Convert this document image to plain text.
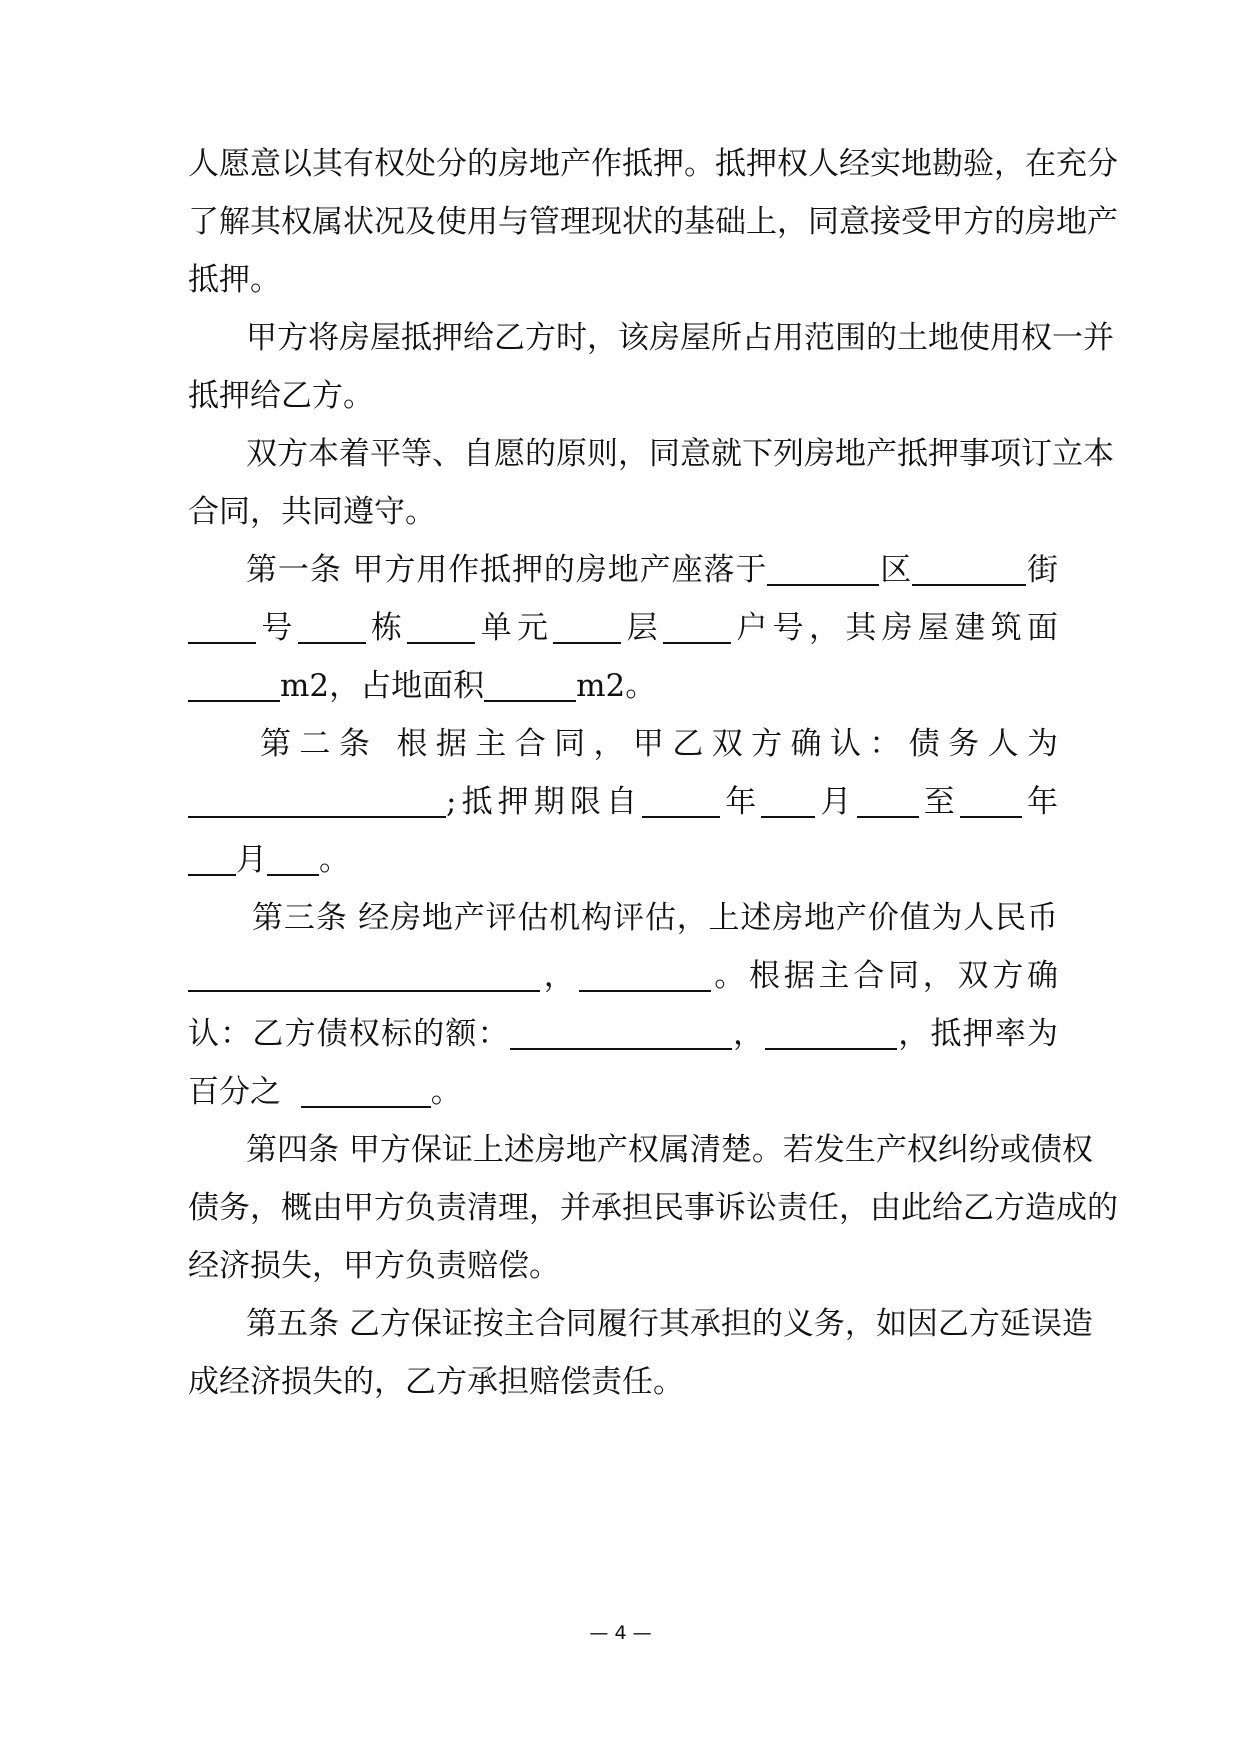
人愿意以其有权处分的房地产作抵押。抵押权人经实地勘验，在充分
了解其权属状况及使用与管理现状的基础上，同意接受甲方的房地产
抵押。
甲方将房屋抵押给乙方时，该房屋所占用范围的土地使用权一并
抵押给乙方。
双方本着平等、自愿的原则，同意就下列房地产抵押事项订立本
合同，共同遵守。
第一条 甲方用作抵押的房地产座落于	区	街
号 栋 单元 层 户号，其房屋建筑面
m2，占地面积	m2。
第二条 根据主合同，甲乙双方确认：债务人为
;抵押期限自	年 月 至 年
月 。
第三条 经房地产评估机构评估，上述房地产价值为人民币
，	。根据主合同，双方确
认：乙方债权标的额：	，	，抵押率为
百分之	。
第四条 甲方保证上述房地产权属清楚。若发生产权纠纷或债权
债务，概由甲方负责清理，并承担民事诉讼责任，由此给乙方造成的
经济损失，甲方负责赔偿。
第五条 乙方保证按主合同履行其承担的义务，如因乙方延误造
成经济损失的，乙方承担赔偿责任。
— 4 —
